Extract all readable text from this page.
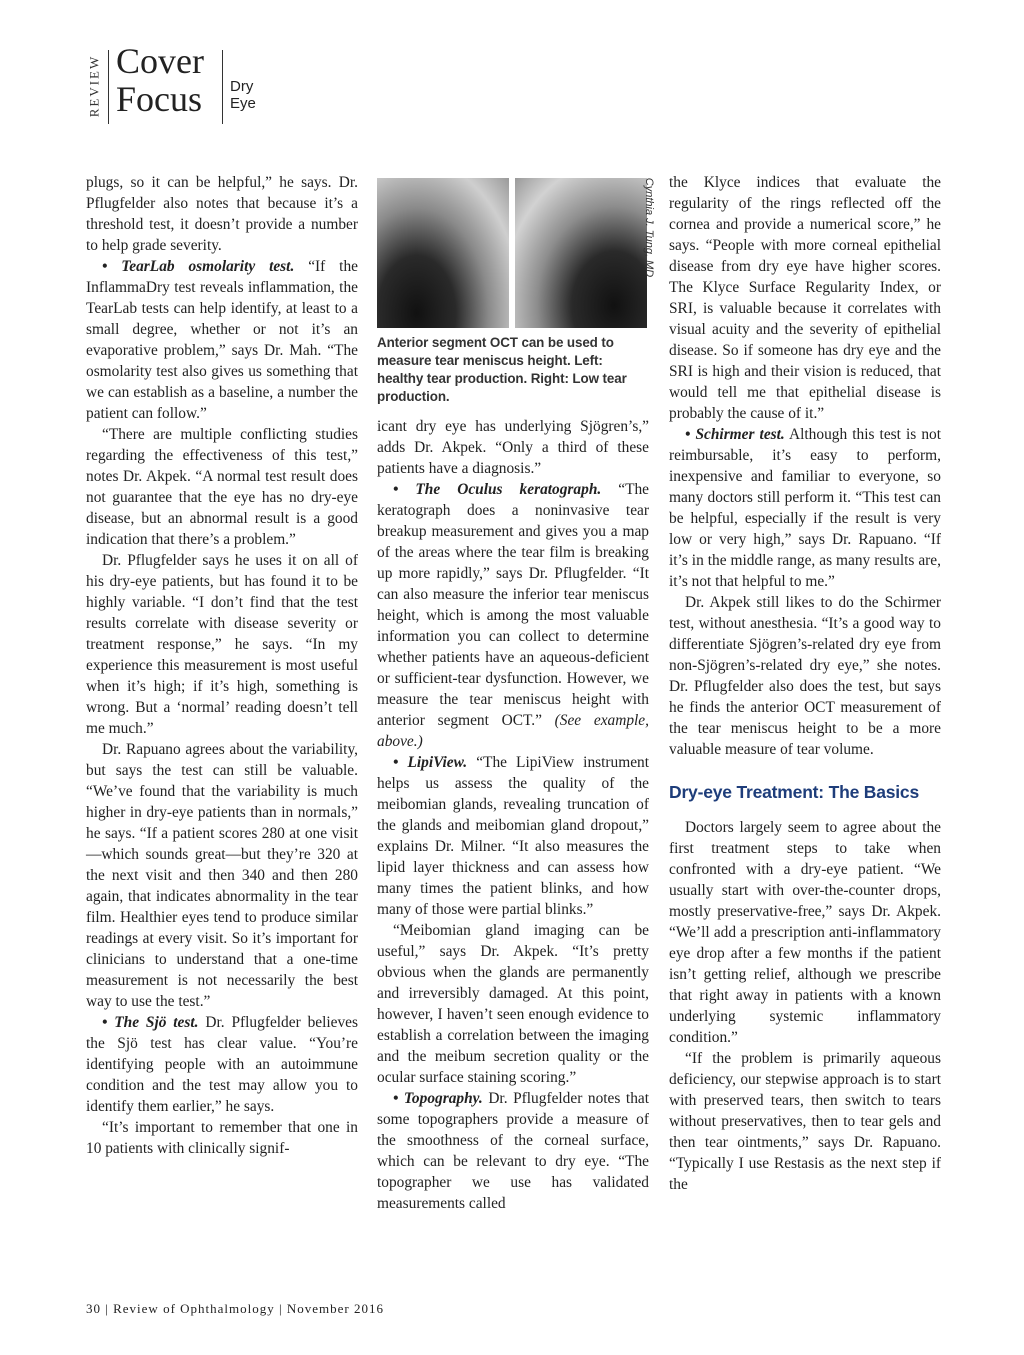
REVIEW Cover
Focus Dry Eye

plugs, so it can be helpful,” he says. Dr. Pflugfelder also notes that because it’s a threshold test, it doesn’t provide a number to help grade severity.

• TearLab osmolarity test. “If the InflammaDry test reveals inflammation, the TearLab tests can help identify, at least to a small degree, whether or not it’s an evaporative problem,” says Dr. Mah. “The osmolarity test also gives us something that we can establish as a baseline, a number the patient can follow.”

“There are multiple conflicting studies regarding the effectiveness of this test,” notes Dr. Akpek. “A normal test result does not guarantee that the eye has no dry-eye disease, but an abnormal result is a good indication that there’s a problem.”

Dr. Pflugfelder says he uses it on all of his dry-eye patients, but has found it to be highly variable. “I don’t find that the test results correlate with disease severity or treatment response,” he says. “In my experience this measurement is most useful when it’s high; if it’s high, something is wrong. But a ‘normal’ reading doesn’t tell me much.”

Dr. Rapuano agrees about the variability, but says the test can still be valuable. “We’ve found that the variability is much higher in dry-eye patients than in normals,” he says. “If a patient scores 280 at one visit—which sounds great—but they’re 320 at the next visit and then 340 and then 280 again, that indicates abnormality in the tear film. Healthier eyes tend to produce similar readings at every visit. So it’s important for clinicians to understand that a one-time measurement is not necessarily the best way to use the test.”

• The Sjö test. Dr. Pflugfelder believes the Sjö test has clear value. “You’re identifying people with an autoimmune condition and the test may allow you to identify them earlier,” he says.

“It’s important to remember that one in 10 patients with clinically signif-

Cynthia J. Tung, MD
Anterior segment OCT can be used to measure tear meniscus height. Left: healthy tear production. Right: Low tear production.

icant dry eye has underlying Sjögren’s,” adds Dr. Akpek. “Only a third of these patients have a diagnosis.”

• The Oculus keratograph. “The keratograph does a noninvasive tear breakup measurement and gives you a map of the areas where the tear film is breaking up more rapidly,” says Dr. Pflugfelder. “It can also measure the inferior tear meniscus height, which is among the most valuable information you can collect to determine whether patients have an aqueous-deficient or sufficient-tear dysfunction. However, we measure the tear meniscus height with anterior segment OCT.” (See example, above.)

• LipiView. “The LipiView instrument helps us assess the quality of the meibomian glands, revealing truncation of the glands and meibomian gland dropout,” explains Dr. Milner. “It also measures the lipid layer thickness and can assess how many times the patient blinks, and how many of those were partial blinks.”

“Meibomian gland imaging can be useful,” says Dr. Akpek. “It’s pretty obvious when the glands are permanently and irreversibly damaged. At this point, however, I haven’t seen enough evidence to establish a correlation between the imaging and the meibum secretion quality or the ocular surface staining scoring.”

• Topography. Dr. Pflugfelder notes that some topographers provide a measure of the smoothness of the corneal surface, which can be relevant to dry eye. “The topographer we use has validated measurements called

the Klyce indices that evaluate the regularity of the rings reflected off the cornea and provide a numerical score,” he says. “People with more corneal epithelial disease from dry eye have higher scores. The Klyce Surface Regularity Index, or SRI, is valuable because it correlates with visual acuity and the severity of epithelial disease. So if someone has dry eye and the SRI is high and their vision is reduced, that would tell me that epithelial disease is probably the cause of it.”

• Schirmer test. Although this test is not reimbursable, it’s easy to perform, inexpensive and familiar to everyone, so many doctors still perform it. “This test can be helpful, especially if the result is very low or very high,” says Dr. Rapuano. “If it’s in the middle range, as many results are, it’s not that helpful to me.”

Dr. Akpek still likes to do the Schirmer test, without anesthesia. “It’s a good way to differentiate Sjögren’s-related dry eye from non-Sjögren’s-related dry eye,” she notes. Dr. Pflugfelder also does the test, but says he finds the anterior OCT measurement of the tear meniscus height to be a more valuable measure of tear volume.

Dry-eye Treatment: The Basics

Doctors largely seem to agree about the first treatment steps to take when confronted with a dry-eye patient. “We usually start with over-the-counter drops, mostly preservative-free,” says Dr. Akpek. “We’ll add a prescription anti-inflammatory eye drop after a few months if the patient isn’t getting relief, although we prescribe that right away in patients with a known underlying systemic inflammatory condition.”

“If the problem is primarily aqueous deficiency, our stepwise approach is to start with preserved tears, then switch to tears without preservatives, then to tear gels and then tear ointments,” says Dr. Rapuano. “Typically I use Restasis as the next step if the

30 | Review of Ophthalmology | November 2016
